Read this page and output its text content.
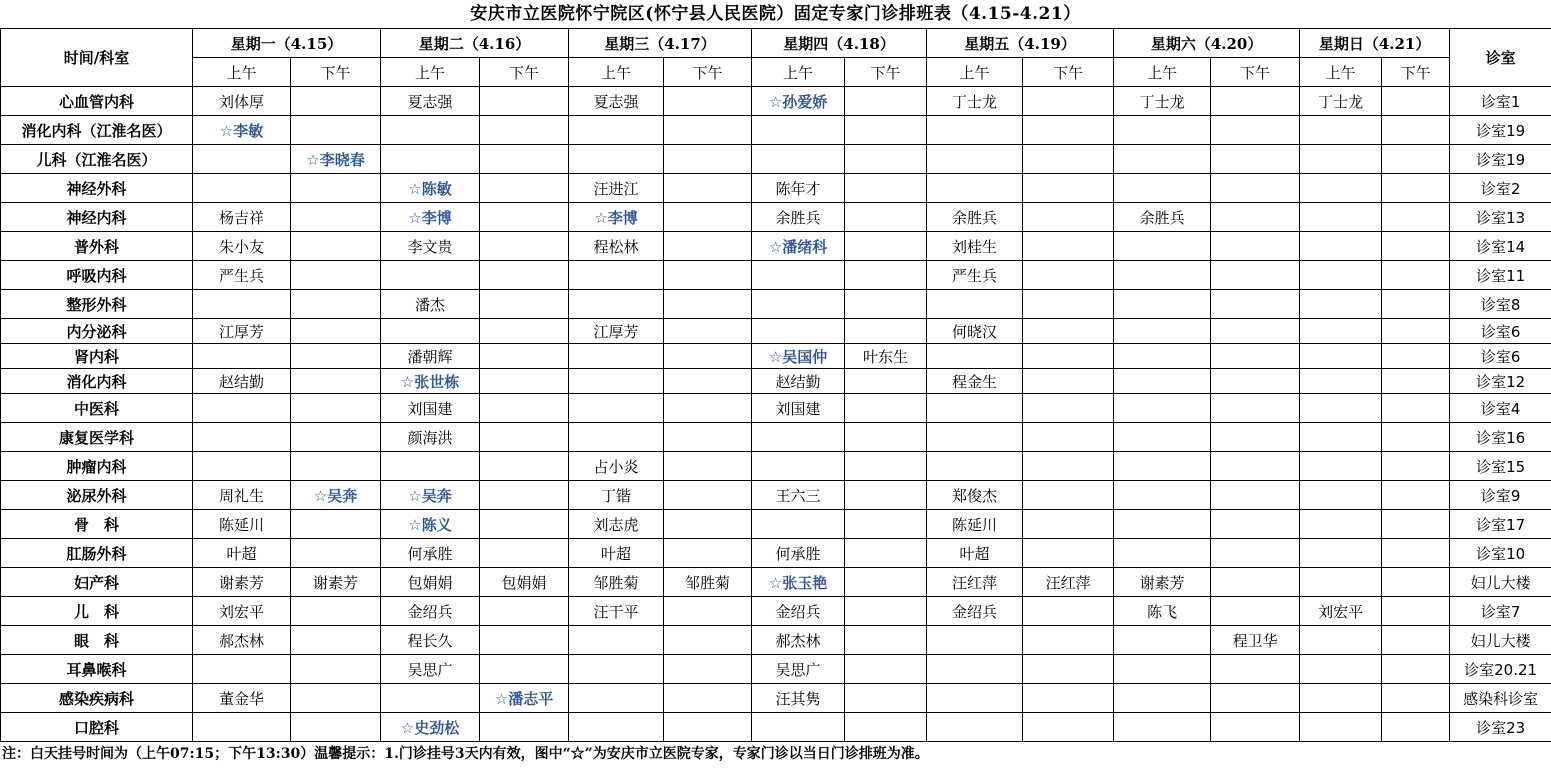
安庆市立医院怀宁院区(怀宁县人民医院）固定专家门诊排班表（4.15-4.21）
时间/科室	星期一（4.15）		星期二（4.16）		星期三（4.17）		星期四（4.18）		星期五（4.19）		星期六（4.20）		星期日（4.21）		诊室
	上午	下午	上午	下午	上午	下午	上午	下午	上午	下午	上午	下午	上午	下午	
心血管内科	刘体厚		夏志强		夏志强		☆孙爱娇		丁士龙		丁士龙		丁士龙		诊室1
消化内科（江淮名医）	☆李敏														诊室19
儿科（江淮名医）		☆李晓春													诊室19
神经外科			☆陈敏		汪进江		陈年才								诊室2
神经内科	杨吉祥		☆李博		☆李博		余胜兵		余胜兵		余胜兵				诊室13
普外科	朱小友		李文贵		程松林		☆潘绪科		刘桂生						诊室14
呼吸内科	严生兵								严生兵						诊室11
整形外科			潘杰												诊室8
内分泌科	江厚芳				江厚芳				何晓汉						诊室6
肾内科			潘朝辉				☆吴国仲	叶东生							诊室6
消化内科	赵结勤		☆张世栋				赵结勤		程金生						诊室12
中医科			刘国建				刘国建								诊室4
康复医学科			颜海洪												诊室16
肿瘤内科					占小炎										诊室15
泌尿外科	周礼生	☆吴奔	☆吴奔		丁锴		王六三		郑俊杰						诊室9
骨　科	陈延川		☆陈义		刘志虎				陈延川						诊室17
肛肠外科	叶超		何承胜		叶超		何承胜		叶超						诊室10
妇产科	谢素芳	谢素芳	包娟娟	包娟娟	邹胜菊	邹胜菊	☆张玉艳		汪红萍	汪红萍	谢素芳				妇儿大楼
儿　科	刘宏平		金绍兵		汪干平		金绍兵		金绍兵		陈飞		刘宏平		诊室7
眼　科	郝杰林		程长久				郝杰林					程卫华			妇儿大楼
耳鼻喉科			吴思广				吴思广								诊室20.21
感染疾病科	董金华			☆潘志平			汪其隽								感染科诊室
口腔科			☆史劲松												诊室23
注：白天挂号时间为（上午07:15；下午13:30）温馨提示：1.门诊挂号3天内有效，图中“☆”为安庆市立医院专家，专家门诊以当日门诊排班为准。
